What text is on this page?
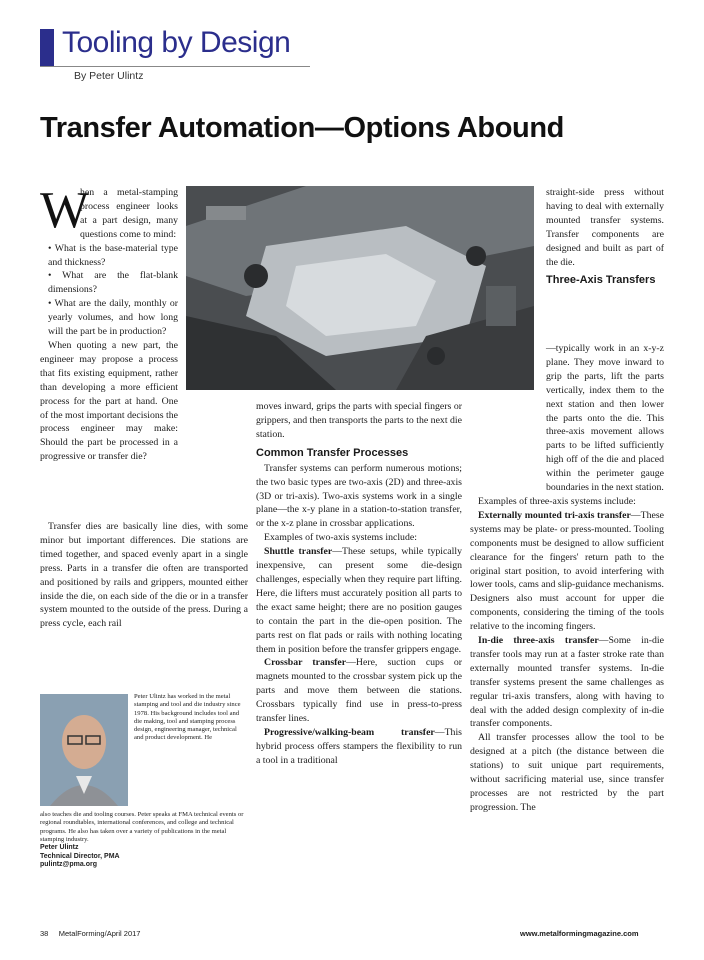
Tooling by Design
By Peter Ulintz
Transfer Automation—Options Abound
W

hen a metal-stamping process engineer looks at a part design, many questions come to mind:

• What is the base-material type and thickness?

• What are the flat-blank dimensions?

• What are the daily, monthly or yearly volumes, and how long will the part be in production?

When quoting a new part, the engineer may propose a process that fits existing equipment, rather than developing a more efficient process for the part at hand. One of the most important decisions the process engineer may make: Should the part be processed in a progressive or transfer die?

Transfer dies are basically line dies, with some minor but important differences. Die stations are timed together, and spaced evenly apart in a single press. Parts in a transfer die often are transported and positioned by rails and grippers, mounted either inside the die, on each side of the die or in a transfer system mounted to the outside of the press. During a press cycle, each rail

moves inward, grips the parts with special fingers or grippers, and then transports the parts to the next die station.

Common Transfer Processes

Transfer systems can perform numerous motions; the two basic types are two-axis (2D) and three-axis (3D or tri-axis). Two-axis systems work in a single plane—the x-y plane in a station-to-station transfer, or the x-z plane in crossbar applications.

Examples of two-axis systems include:

Shuttle transfer—These setups, while typically inexpensive, can present some die-design challenges, especially when they require part lifting. Here, die lifters must accurately position all parts to the exact same height; there are no position gauges to contain the part in the die-open position. The parts rest on flat pads or rails with nothing locating them in position before the transfer grippers engage.

Crossbar transfer—Here, suction cups or magnets mounted to the crossbar system pick up the parts and move them between die stations. Crossbars typically find use in press-to-press transfer lines.

Progressive/walking-beam transfer—This hybrid process offers stampers the flexibility to run a tool in a traditional

straight-side press without having to deal with externally mounted transfer systems. Transfer components are designed and built as part of the die.

Three-Axis Transfers

—typically work in an x-y-z plane. They move inward to grip the parts, lift the parts vertically, index them to the next station and then lower the parts onto the die. This three-axis movement allows parts to be lifted sufficiently high off of the die and placed within the perimeter gauge boundaries in the next station.

Examples of three-axis systems include:

Externally mounted tri-axis transfer—These systems may be plate- or press-mounted. Tooling components must be designed to allow sufficient clearance for the fingers' return path to the original start position, to avoid interfering with lower tools, cams and slip-guidance mechanisms. Designers also must account for upper die components, considering the timing of the tools relative to the incoming fingers.

In-die three-axis transfer—Some in-die transfer tools may run at a faster stroke rate than externally mounted transfer systems. In-die transfer systems present the same challenges as regular tri-axis transfers, along with having to deal with the added design complexity of in-die transfer components.

All transfer processes allow the tool to be designed at a pitch (the distance between die stations) to suit unique part requirements, without sacrificing material use, since transfer processes are not restricted by the part progression. The

Peter Ulintz has worked in the metal stamping and tool and die industry since 1978. His background includes tool and die making, tool and stamping process design, engineering manager, technical and product development. He
also teaches die and tooling courses. Peter speaks at FMA technical events or regional roundtables, international conferences, and college and technical programs. He also has taken over a variety of publications in the metal stamping industry.
Peter Ulintz
Technical Director, PMA
pulintz@pma.org
38     MetalForming/April 2017	www.metalformingmagazine.com
